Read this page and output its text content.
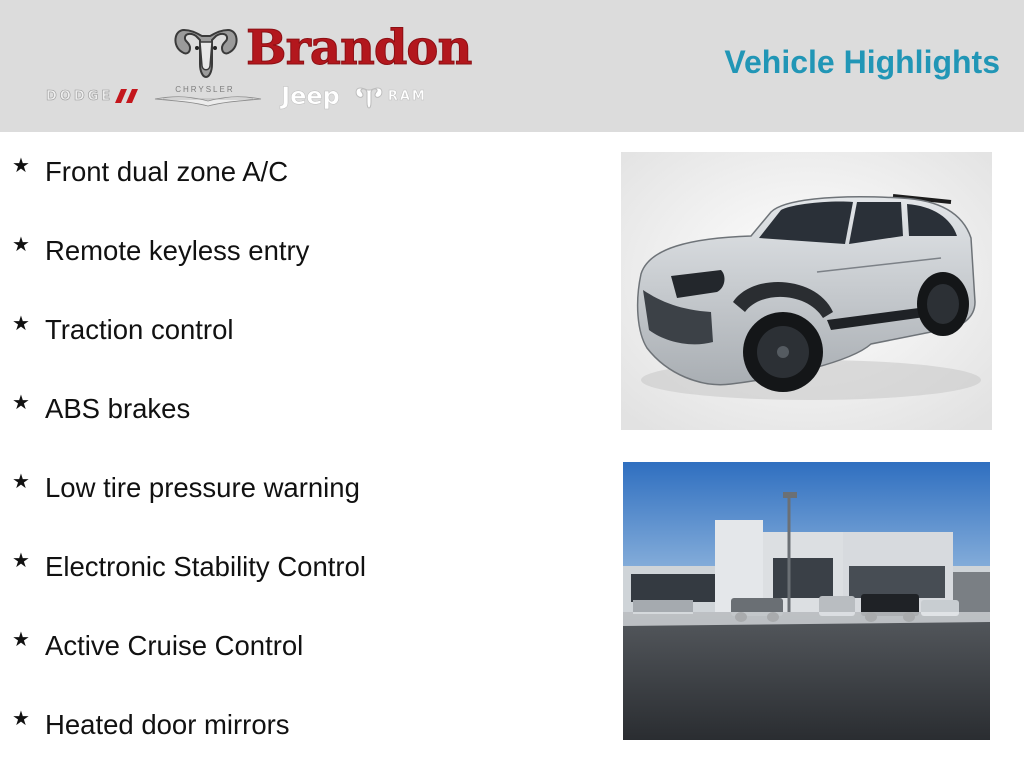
Brandon
DODGE	CHRYSLER Jeep	RAM
Vehicle Highlights
★ Front dual zone A/C
★ Remote keyless entry
★ Traction control
★ ABS brakes
★ Low tire pressure warning
★ Electronic Stability Control
★ Active Cruise Control
★ Heated door mirrors
